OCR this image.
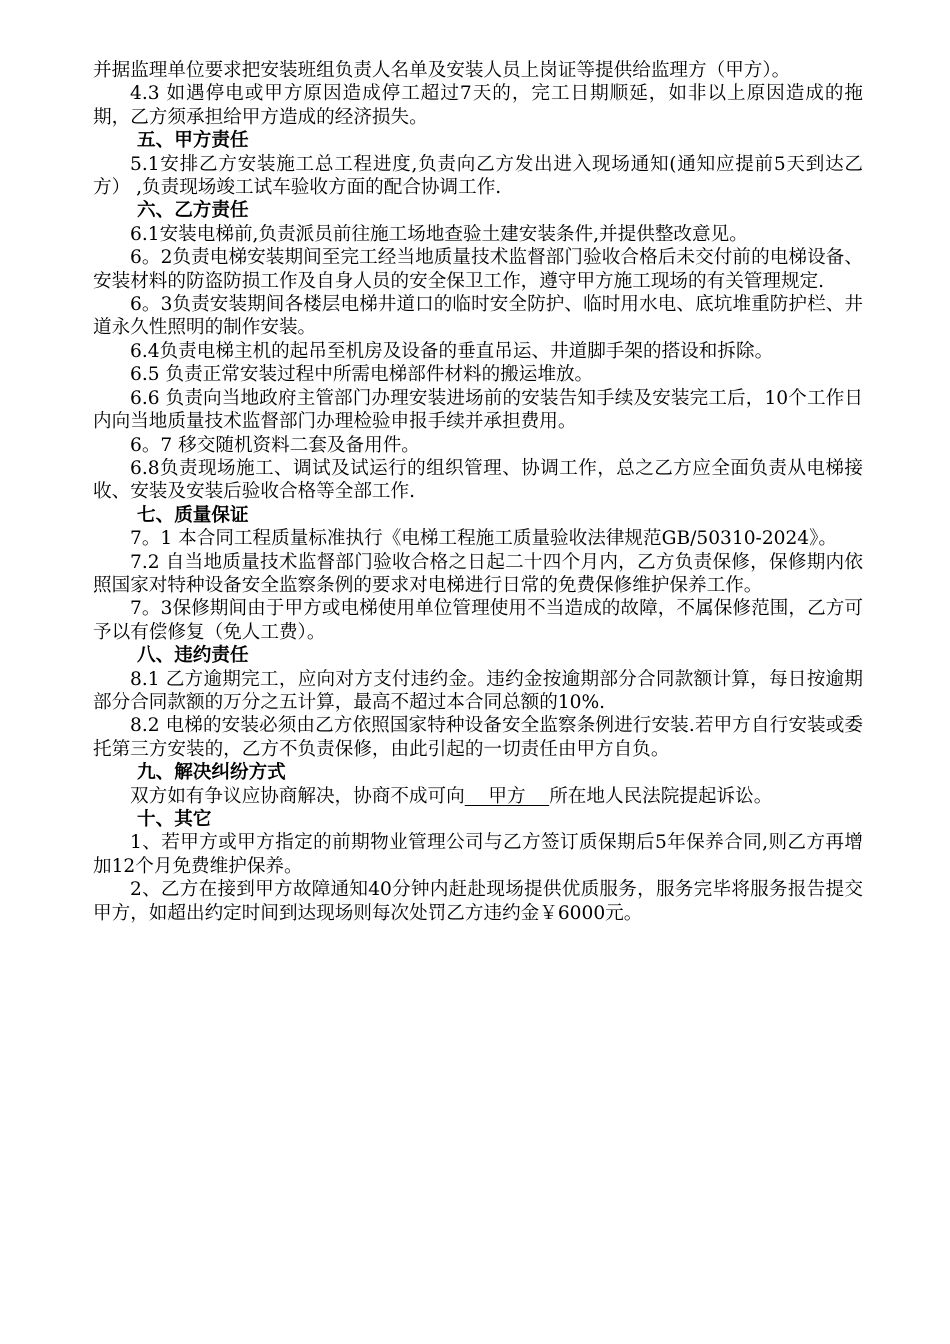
并据监理单位要求把安装班组负责人名单及安装人员上岗证等提供给监理方（甲方）。

4.3 如遇停电或甲方原因造成停工超过7天的，完工日期顺延，如非以上原因造成的拖期，乙方须承担给甲方造成的经济损失。

五、甲方责任

5.1安排乙方安装施工总工程进度,负责向乙方发出进入现场通知(通知应提前5天到达乙方） ,负责现场竣工试车验收方面的配合协调工作.

六、乙方责任

6.1安装电梯前,负责派员前往施工场地查验土建安装条件,并提供整改意见。

6。2负责电梯安装期间至完工经当地质量技术监督部门验收合格后未交付前的电梯设备、安装材料的防盗防损工作及自身人员的安全保卫工作，遵守甲方施工现场的有关管理规定.

6。3负责安装期间各楼层电梯井道口的临时安全防护、临时用水电、底坑堆重防护栏、井道永久性照明的制作安装。

6.4负责电梯主机的起吊至机房及设备的垂直吊运、井道脚手架的搭设和拆除。

6.5 负责正常安装过程中所需电梯部件材料的搬运堆放。

6.6 负责向当地政府主管部门办理安装进场前的安装告知手续及安装完工后，10个工作日内向当地质量技术监督部门办理检验申报手续并承担费用。

6。7 移交随机资料二套及备用件。

6.8负责现场施工、调试及试运行的组织管理、协调工作，总之乙方应全面负责从电梯接收、安装及安装后验收合格等全部工作.

七、质量保证

7。1 本合同工程质量标准执行《电梯工程施工质量验收法律规范GB/50310-2024》。

7.2 自当地质量技术监督部门验收合格之日起二十四个月内，乙方负责保修，保修期内依照国家对特种设备安全监察条例的要求对电梯进行日常的免费保修维护保养工作。

7。3保修期间由于甲方或电梯使用单位管理使用不当造成的故障，不属保修范围，乙方可予以有偿修复（免人工费）。

八、违约责任

8.1 乙方逾期完工，应向对方支付违约金。违约金按逾期部分合同款额计算，每日按逾期部分合同款额的万分之五计算，最高不超过本合同总额的10%.

8.2 电梯的安装必须由乙方依照国家特种设备安全监察条例进行安装.若甲方自行安装或委托第三方安装的，乙方不负责保修，由此引起的一切责任由甲方自负。

九、解决纠纷方式

双方如有争议应协商解决，协商不成可向    甲方    所在地人民法院提起诉讼。

十、其它

1、若甲方或甲方指定的前期物业管理公司与乙方签订质保期后5年保养合同,则乙方再增加12个月免费维护保养。

2、乙方在接到甲方故障通知40分钟内赶赴现场提供优质服务，服务完毕将服务报告提交甲方，如超出约定时间到达现场则每次处罚乙方违约金￥6000元。
